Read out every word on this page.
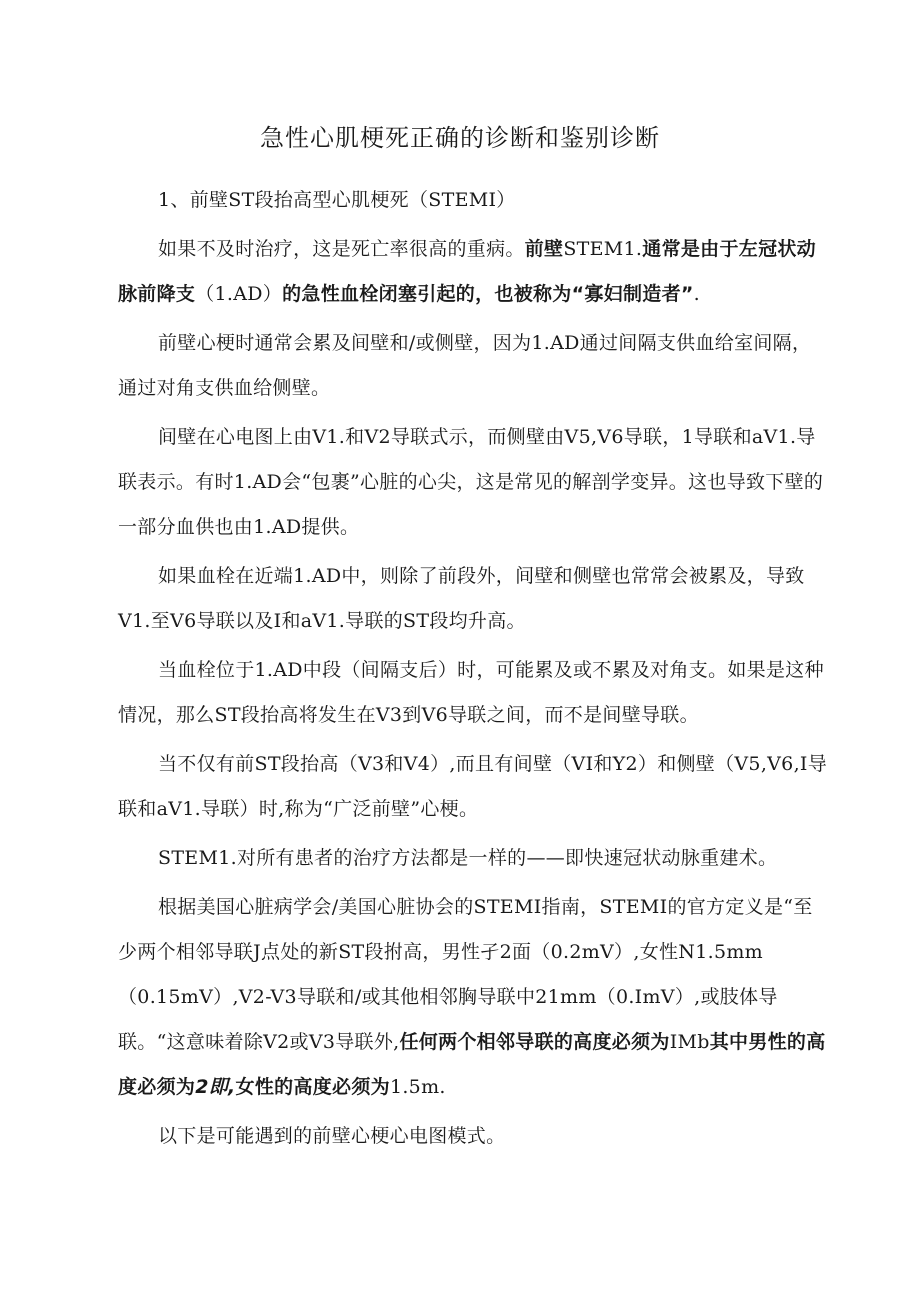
急性心肌梗死正确的诊断和鉴别诊断

1、前壁ST段抬高型心肌梗死（STEMI）

如果不及时治疗，这是死亡率很高的重病。前壁STEM1.通常是由于左冠状动脉前降支（1.AD）的急性血栓闭塞引起的，也被称为“寡妇制造者”.

前壁心梗时通常会累及间壁和/或侧壁，因为1.AD通过间隔支供血给室间隔，通过对角支供血给侧壁。

间壁在心电图上由V1.和V2导联式示，而侧壁由V5,V6导联，1导联和aV1.导联表示。有时1.AD会“包裹”心脏的心尖，这是常见的解剖学变异。这也导致下壁的一部分血供也由1.AD提供。

如果血栓在近端1.AD中，则除了前段外，间壁和侧壁也常常会被累及，导致V1.至V6导联以及I和aV1.导联的ST段均升高。

当血栓位于1.AD中段（间隔支后）时，可能累及或不累及对角支。如果是这种情况，那么ST段抬高将发生在V3到V6导联之间，而不是间壁导联。

当不仅有前ST段抬高（V3和V4）,而且有间壁（VI和Y2）和侧壁（V5,V6,I导联和aV1.导联）时,称为“广泛前壁”心梗。

STEM1.对所有患者的治疗方法都是一样的——即快速冠状动脉重建术。

根据美国心脏病学会/美国心脏协会的STEMI指南，STEMI的官方定义是“至少两个相邻导联J点处的新ST段拊高，男性孑2面（0.2mV）,女性N1.5mm（0.15mV）,V2-V3导联和/或其他相邻胸导联中21mm（0.ImV）,或肢体导联。“这意味着除V2或V3导联外,任何两个相邻导联的高度必须为IMb其中男性的高度必须为2即,女性的高度必须为1.5m.

以下是可能遇到的前壁心梗心电图模式。
